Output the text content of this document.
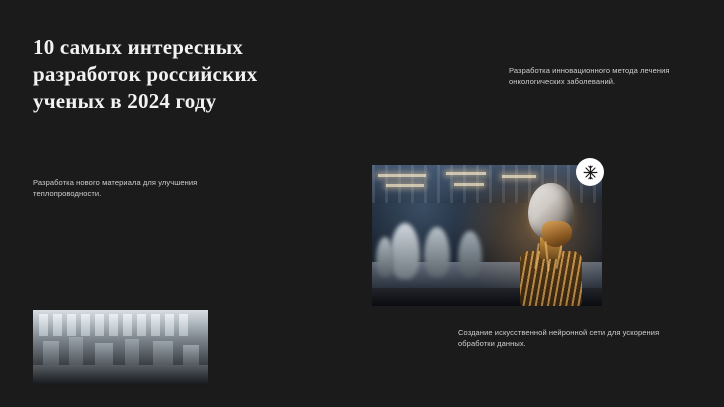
10 самых интересных разработок российских ученых в 2024 году
Разработка инновационного метода лечения онкологических заболеваний.
Разработка нового материала для улучшения теплопроводности.
Создание искусственной нейронной сети для ускорения обработки данных.
